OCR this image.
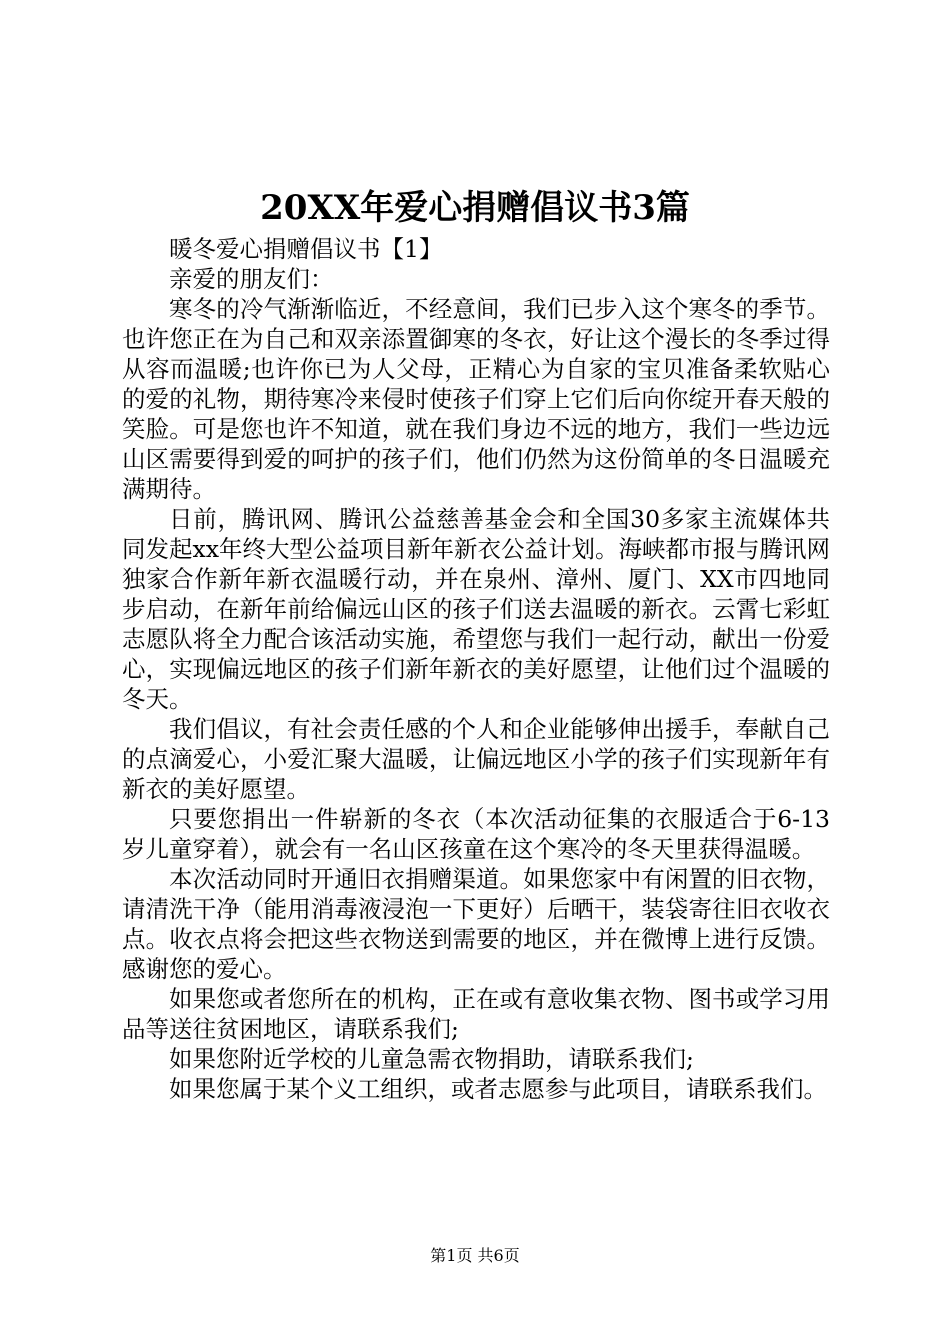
20XX年爱心捐赠倡议书3篇

暖冬爱心捐赠倡议书【1】

亲爱的朋友们：

寒冬的冷气渐渐临近，不经意间，我们已步入这个寒冬的季节。也许您正在为自己和双亲添置御寒的冬衣，好让这个漫长的冬季过得从容而温暖;也许你已为人父母，正精心为自家的宝贝准备柔软贴心的爱的礼物，期待寒冷来侵时使孩子们穿上它们后向你绽开春天般的笑脸。可是您也许不知道，就在我们身边不远的地方，我们一些边远山区需要得到爱的呵护的孩子们，他们仍然为这份简单的冬日温暖充满期待。

日前，腾讯网、腾讯公益慈善基金会和全国30多家主流媒体共同发起xx年终大型公益项目新年新衣公益计划。海峡都市报与腾讯网独家合作新年新衣温暖行动，并在泉州、漳州、厦门、XX市四地同步启动，在新年前给偏远山区的孩子们送去温暖的新衣。云霄七彩虹志愿队将全力配合该活动实施，希望您与我们一起行动，献出一份爱心，实现偏远地区的孩子们新年新衣的美好愿望，让他们过个温暖的冬天。

我们倡议，有社会责任感的个人和企业能够伸出援手，奉献自己的点滴爱心，小爱汇聚大温暖，让偏远地区小学的孩子们实现新年有新衣的美好愿望。

只要您捐出一件崭新的冬衣（本次活动征集的衣服适合于6-13岁儿童穿着），就会有一名山区孩童在这个寒冷的冬天里获得温暖。

本次活动同时开通旧衣捐赠渠道。如果您家中有闲置的旧衣物，请清洗干净（能用消毒液浸泡一下更好）后晒干，装袋寄往旧衣收衣点。收衣点将会把这些衣物送到需要的地区，并在微博上进行反馈。感谢您的爱心。

如果您或者您所在的机构，正在或有意收集衣物、图书或学习用品等送往贫困地区，请联系我们;

如果您附近学校的儿童急需衣物捐助，请联系我们;

如果您属于某个义工组织，或者志愿参与此项目，请联系我们。

第1页 共6页
